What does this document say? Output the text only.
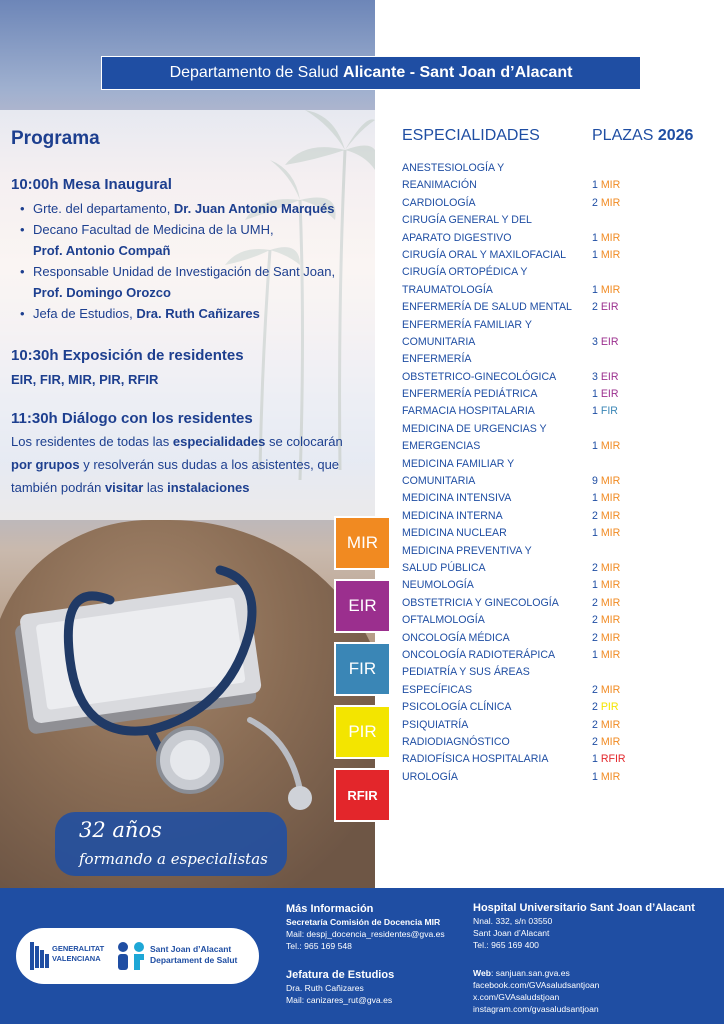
Departamento de Salud Alicante - Sant Joan d’Alacant
Programa
10:00h Mesa Inaugural
• Grte. del departamento, Dr. Juan Antonio Marqués
• Decano Facultad de Medicina de la UMH,
Prof. Antonio Compañ
• Responsable Unidad de Investigación de Sant Joan,
Prof. Domingo Orozco
• Jefa de Estudios, Dra. Ruth Cañizares
10:30h Exposición de residentes
EIR, FIR, MIR, PIR, RFIR
11:30h Diálogo con los residentes
Los residentes de todas las especialidades se colocarán
por grupos y resolverán sus dudas a los asistentes, que
también podrán visitar las instalaciones
MIR
EIR
FIR
PIR
RFIR
32 años
formando a especialistas
ESPECIALIDADES	PLAZAS 2026
ANESTESIOLOGÍA Y
REANIMACIÓN	1 MIR
CARDIOLOGÍA	2 MIR
CIRUGÍA GENERAL Y DEL
APARATO DIGESTIVO	1 MIR
CIRUGÍA ORAL Y MAXILOFACIAL 1 MIR
CIRUGÍA ORTOPÉDICA Y
TRAUMATOLOGÍA	1 MIR
ENFERMERÍA DE SALUD MENTAL 2 EIR
ENFERMERÍA FAMILIAR Y
COMUNITARIA	3 EIR
ENFERMERÍA
OBSTETRICO-GINECOLÓGICA	3 EIR
ENFERMERÍA PEDIÁTRICA	1 EIR
FARMACIA HOSPITALARIA	1 FIR
MEDICINA DE URGENCIAS Y
EMERGENCIAS	1 MIR
MEDICINA FAMILIAR Y
COMUNITARIA	9 MIR
MEDICINA INTENSIVA	1 MIR
MEDICINA INTERNA	2 MIR
MEDICINA NUCLEAR	1 MIR
MEDICINA PREVENTIVA Y
SALUD PÚBLICA	2 MIR
NEUMOLOGÍA	1 MIR
OBSTETRICIA Y GINECOLOGÍA	2 MIR
OFTALMOLOGÍA	2 MIR
ONCOLOGÍA MÉDICA	2 MIR
ONCOLOGÍA RADIOTERÁPICA	1 MIR
PEDIATRÍA Y SUS ÁREAS
ESPECÍFICAS	2 MIR
PSICOLOGÍA CLÍNICA	2 PIR
PSIQUIATRÍA	2 MIR
RADIODIAGNÓSTICO	2 MIR
RADIOFÍSICA HOSPITALARIA	1 RFIR
UROLOGÍA	1 MIR
GENERALITAT
VALENCIANA
Sant Joan d’Alacant
Departament de Salut
Más Información
Secretaría Comisión de Docencia MIR
Mail: despj_docencia_residentes@gva.es
Tel.: 965 169 548
Jefatura de Estudios
Dra. Ruth Cañizares
Mail: canizares_rut@gva.es
Hospital Universitario Sant Joan d’Alacant
Nnal. 332, s/n 03550
Sant Joan d’Alacant
Tel.: 965 169 400
Web: sanjuan.san.gva.es
facebook.com/GVAsaludsantjoan
x.com/GVAsaludstjoan
instagram.com/gvasaludsantjoan
